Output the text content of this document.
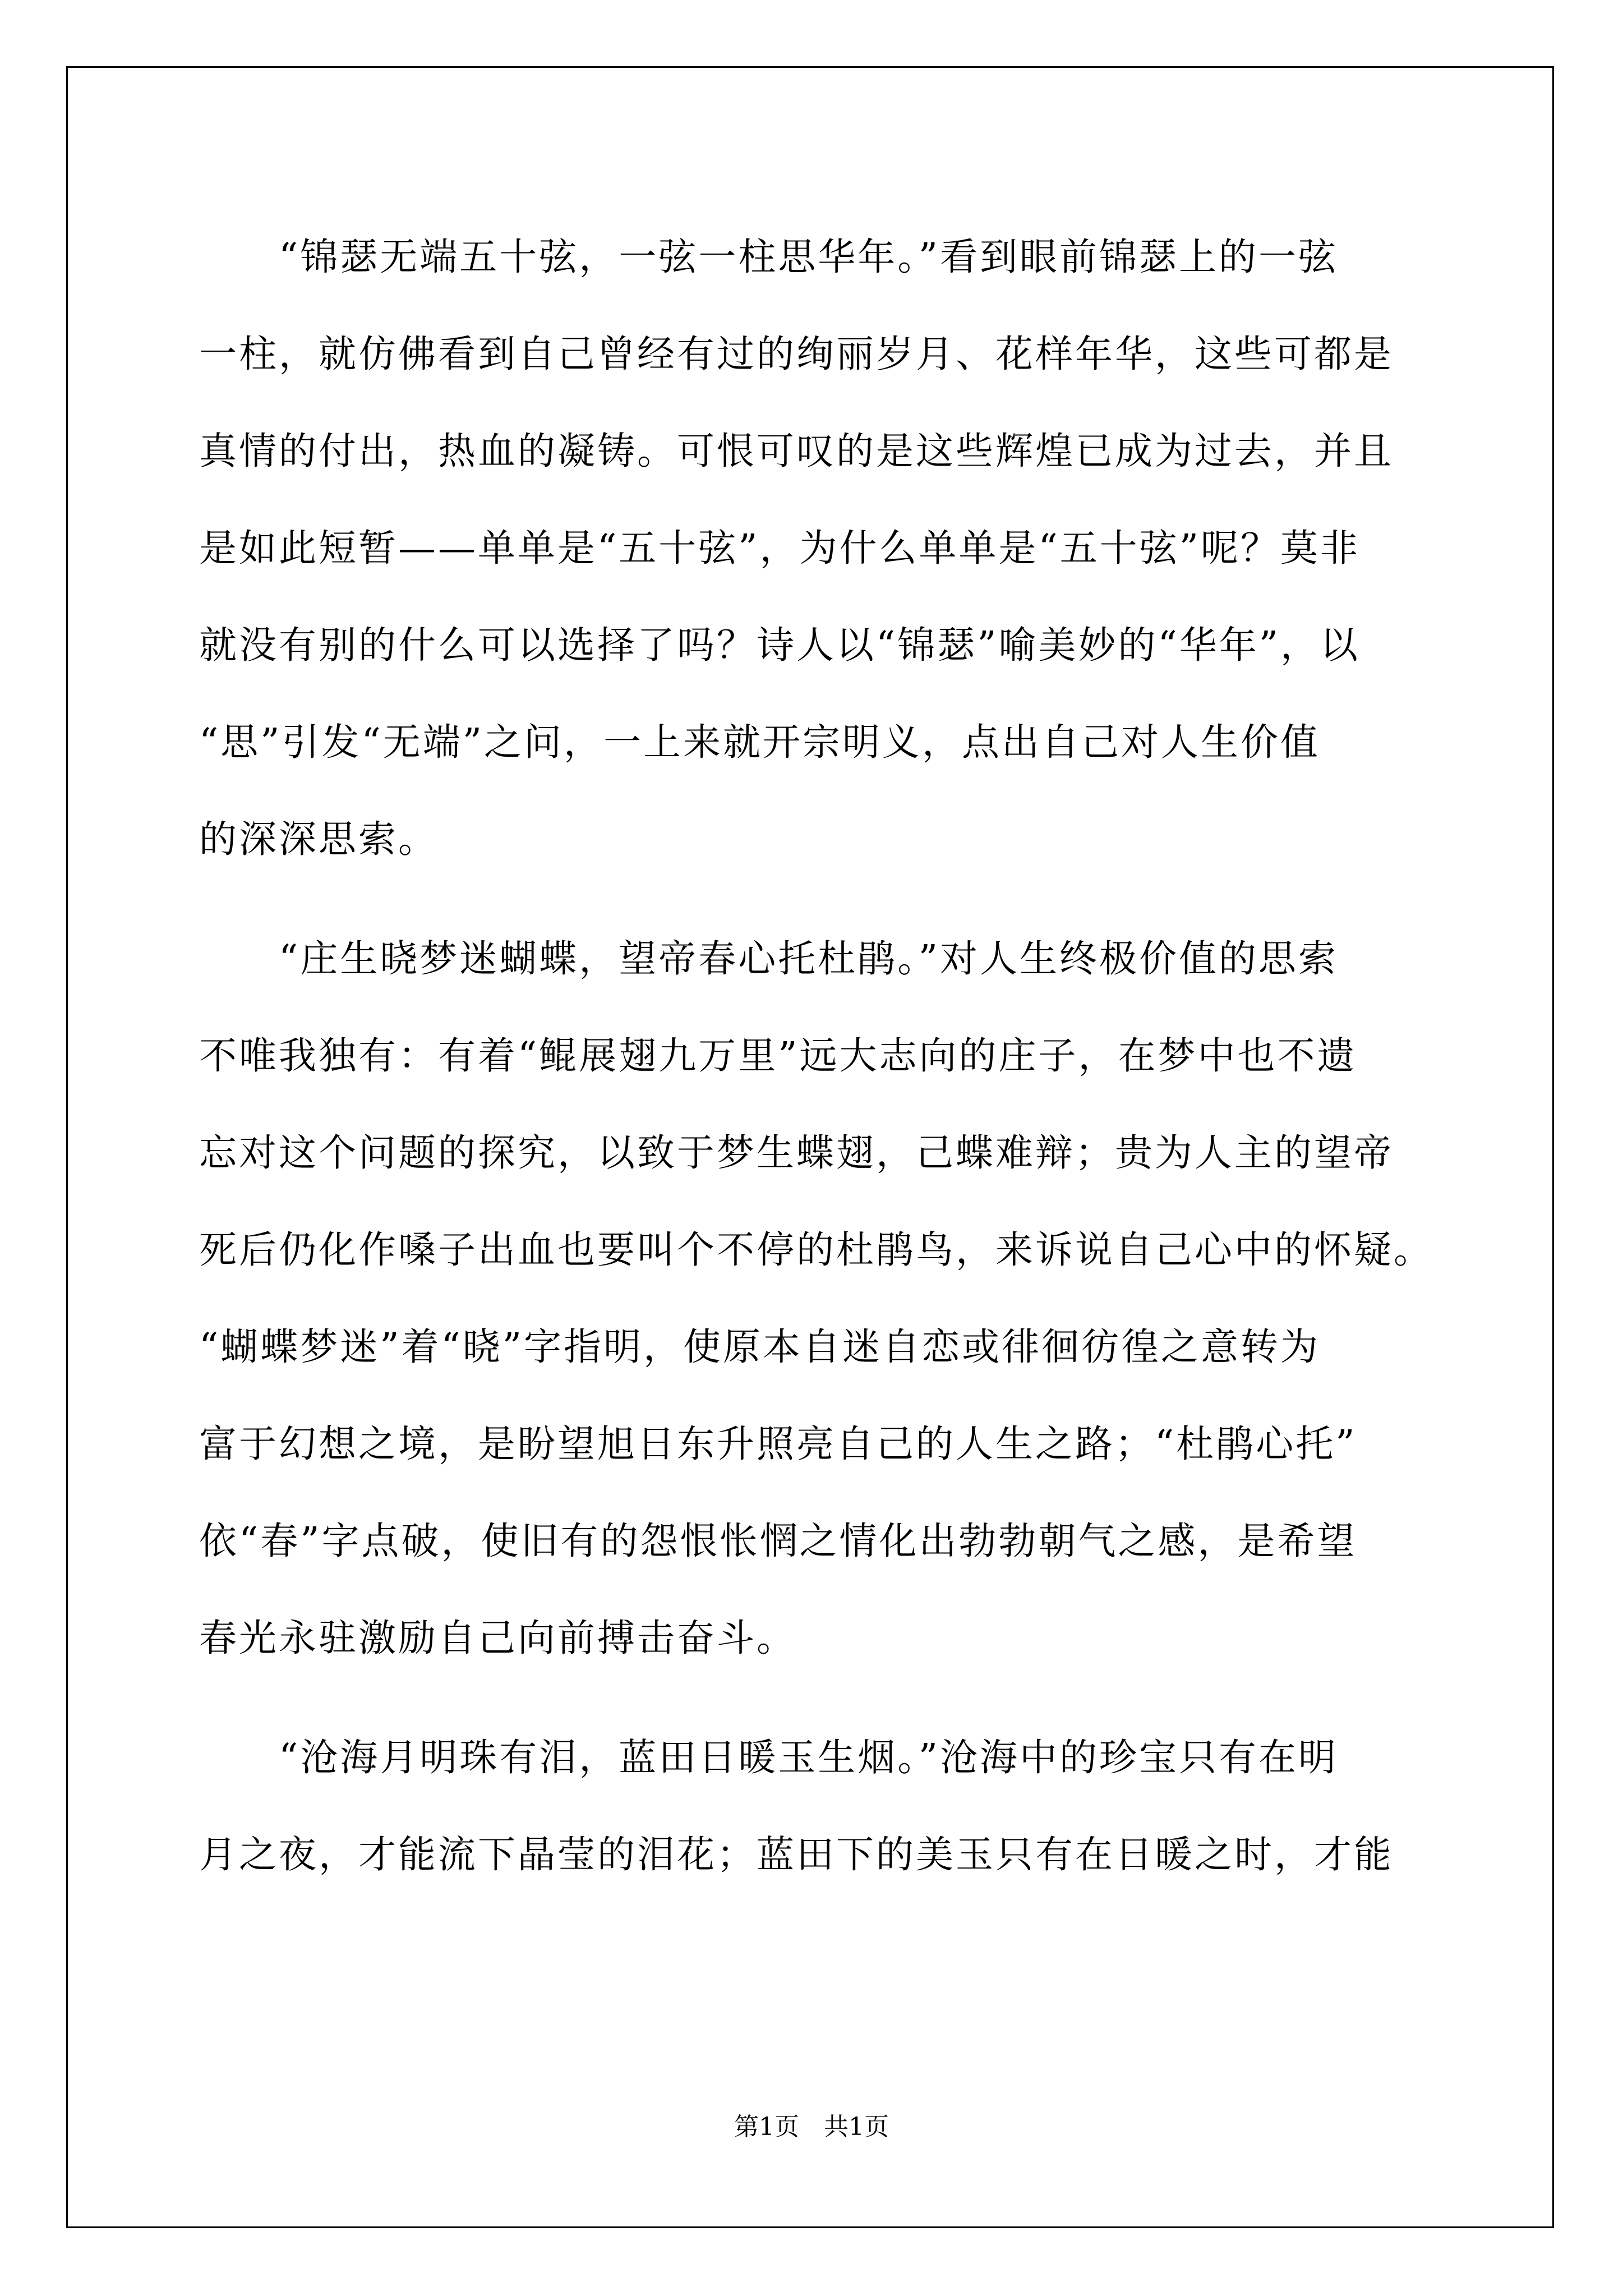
　　“锦瑟无端五十弦，一弦一柱思华年。”看到眼前锦瑟上的一弦
一柱，就仿佛看到自己曾经有过的绚丽岁月、花样年华，这些可都是
真情的付出，热血的凝铸。可恨可叹的是这些辉煌已成为过去，并且
是如此短暂——单单是“五十弦”，为什么单单是“五十弦”呢？莫非
就没有别的什么可以选择了吗？诗人以“锦瑟”喻美妙的“华年”，以
“思”引发“无端”之问，一上来就开宗明义，点出自己对人生价值
的深深思索。
　　“庄生晓梦迷蝴蝶，望帝春心托杜鹃。”对人生终极价值的思索
不唯我独有：有着“鲲展翅九万里”远大志向的庄子，在梦中也不遗
忘对这个问题的探究，以致于梦生蝶翅，己蝶难辩；贵为人主的望帝
死后仍化作嗓子出血也要叫个不停的杜鹃鸟，来诉说自己心中的怀疑。
“蝴蝶梦迷”着“晓”字指明，使原本自迷自恋或徘徊彷徨之意转为
富于幻想之境，是盼望旭日东升照亮自己的人生之路；“杜鹃心托”
依“春”字点破，使旧有的怨恨怅惘之情化出勃勃朝气之感，是希望
春光永驻激励自己向前搏击奋斗。
　　“沧海月明珠有泪，蓝田日暖玉生烟。”沧海中的珍宝只有在明
月之夜，才能流下晶莹的泪花；蓝田下的美玉只有在日暖之时，才能
第1页　共1页
